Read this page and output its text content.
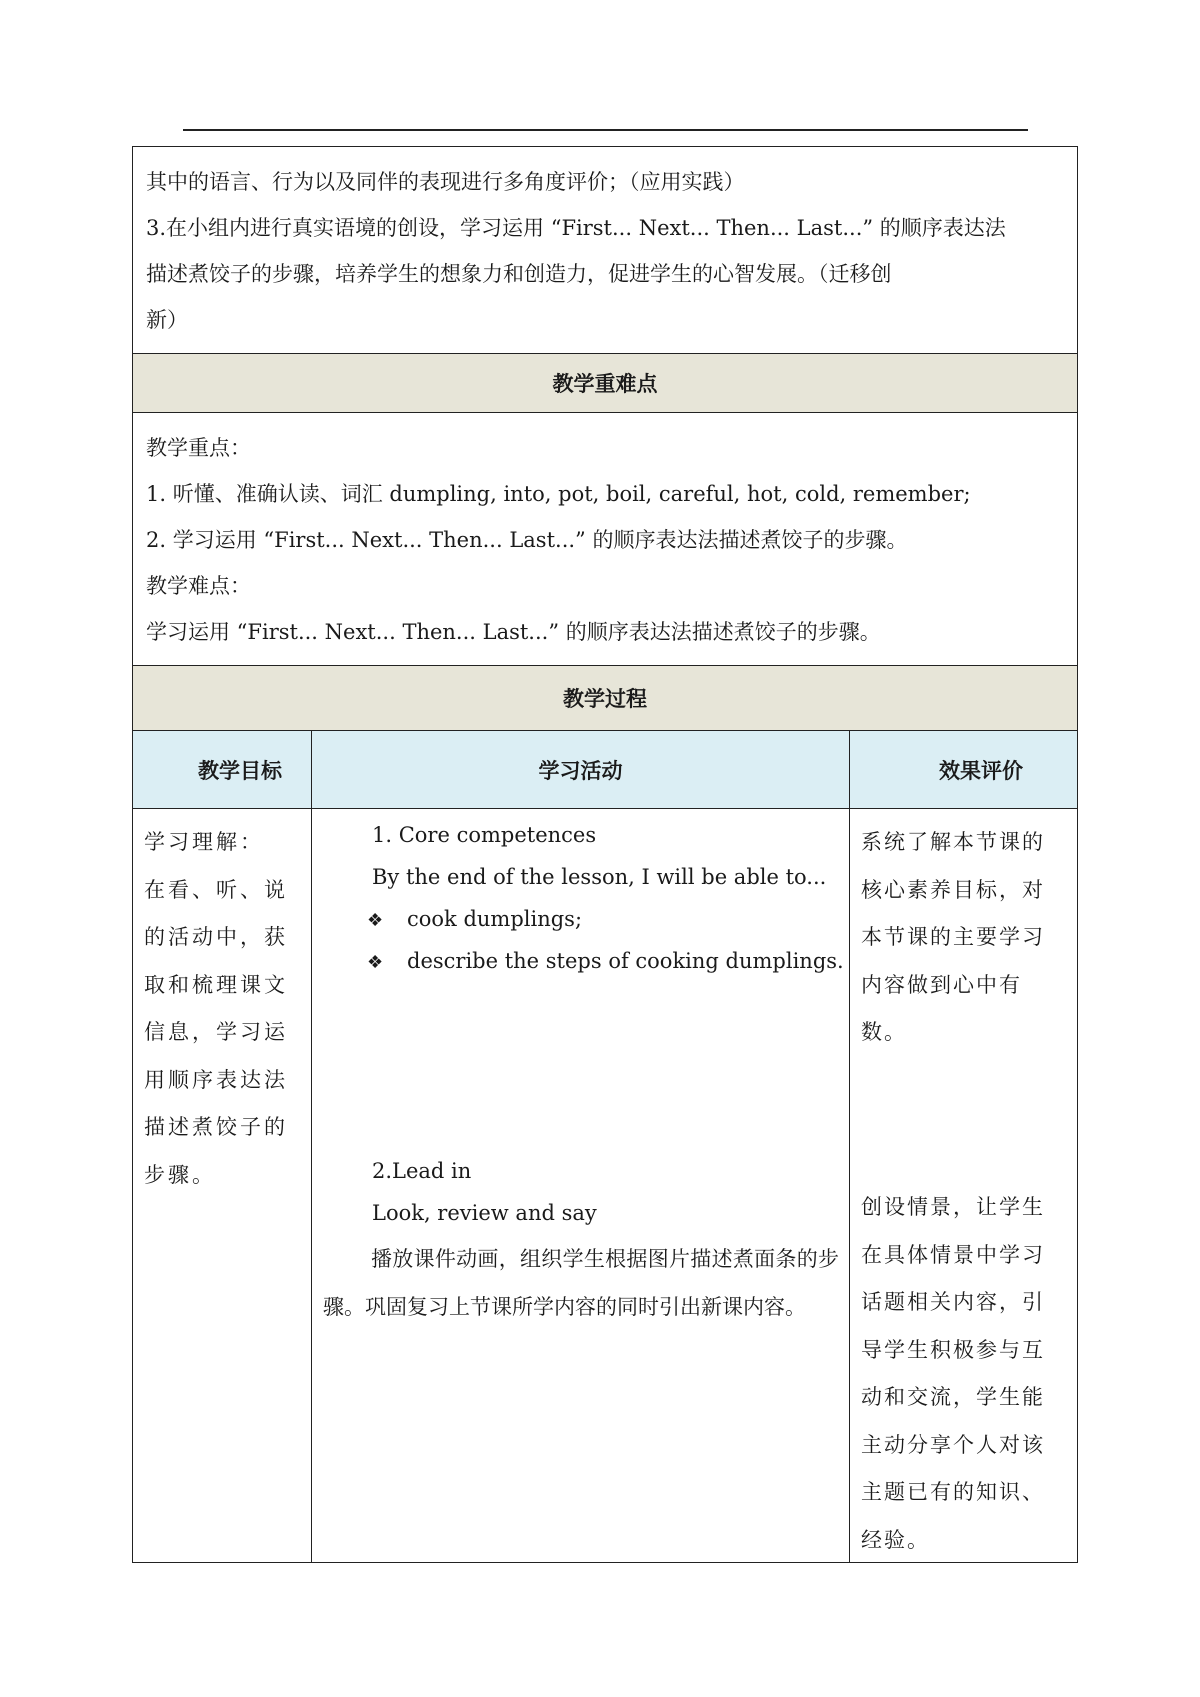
其中的语言、行为以及同伴的表现进行多角度评价；（应用实践）

3.在小组内进行真实语境的创设，学习运用 “First... Next... Then... Last...” 的顺序表达法

描述煮饺子的步骤，培养学生的想象力和创造力，促进学生的心智发展。（迁移创

新）

教学重难点

教学重点：

1. 听懂、准确认读、词汇 dumpling, into, pot, boil, careful, hot, cold, remember;

2. 学习运用 “First... Next... Then... Last...” 的顺序表达法描述煮饺子的步骤。

教学难点：

学习运用 “First... Next... Then... Last...” 的顺序表达法描述煮饺子的步骤。

教学过程
教学目标	学习活动	效果评价

学习理解：

在看、听、说

的活动中，获

取和梳理课文

信息，学习运

用顺序表达法

描述煮饺子的

步骤。

1. Core competences
By the end of the lesson, I will be able to...
❖ cook dumplings;
❖ describe the steps of cooking dumplings.
2.Lead in
Look, review and say
播放课件动画，组织学生根据图片描述煮面条的步骤。巩固复习上节课所学内容的同时引出新课内容。

系统了解本节课的

核心素养目标，对

本节课的主要学习

内容做到心中有

数。

创设情景，让学生

在具体情景中学习

话题相关内容，引

导学生积极参与互

动和交流，学生能

主动分享个人对该

主题已有的知识、

经验。
